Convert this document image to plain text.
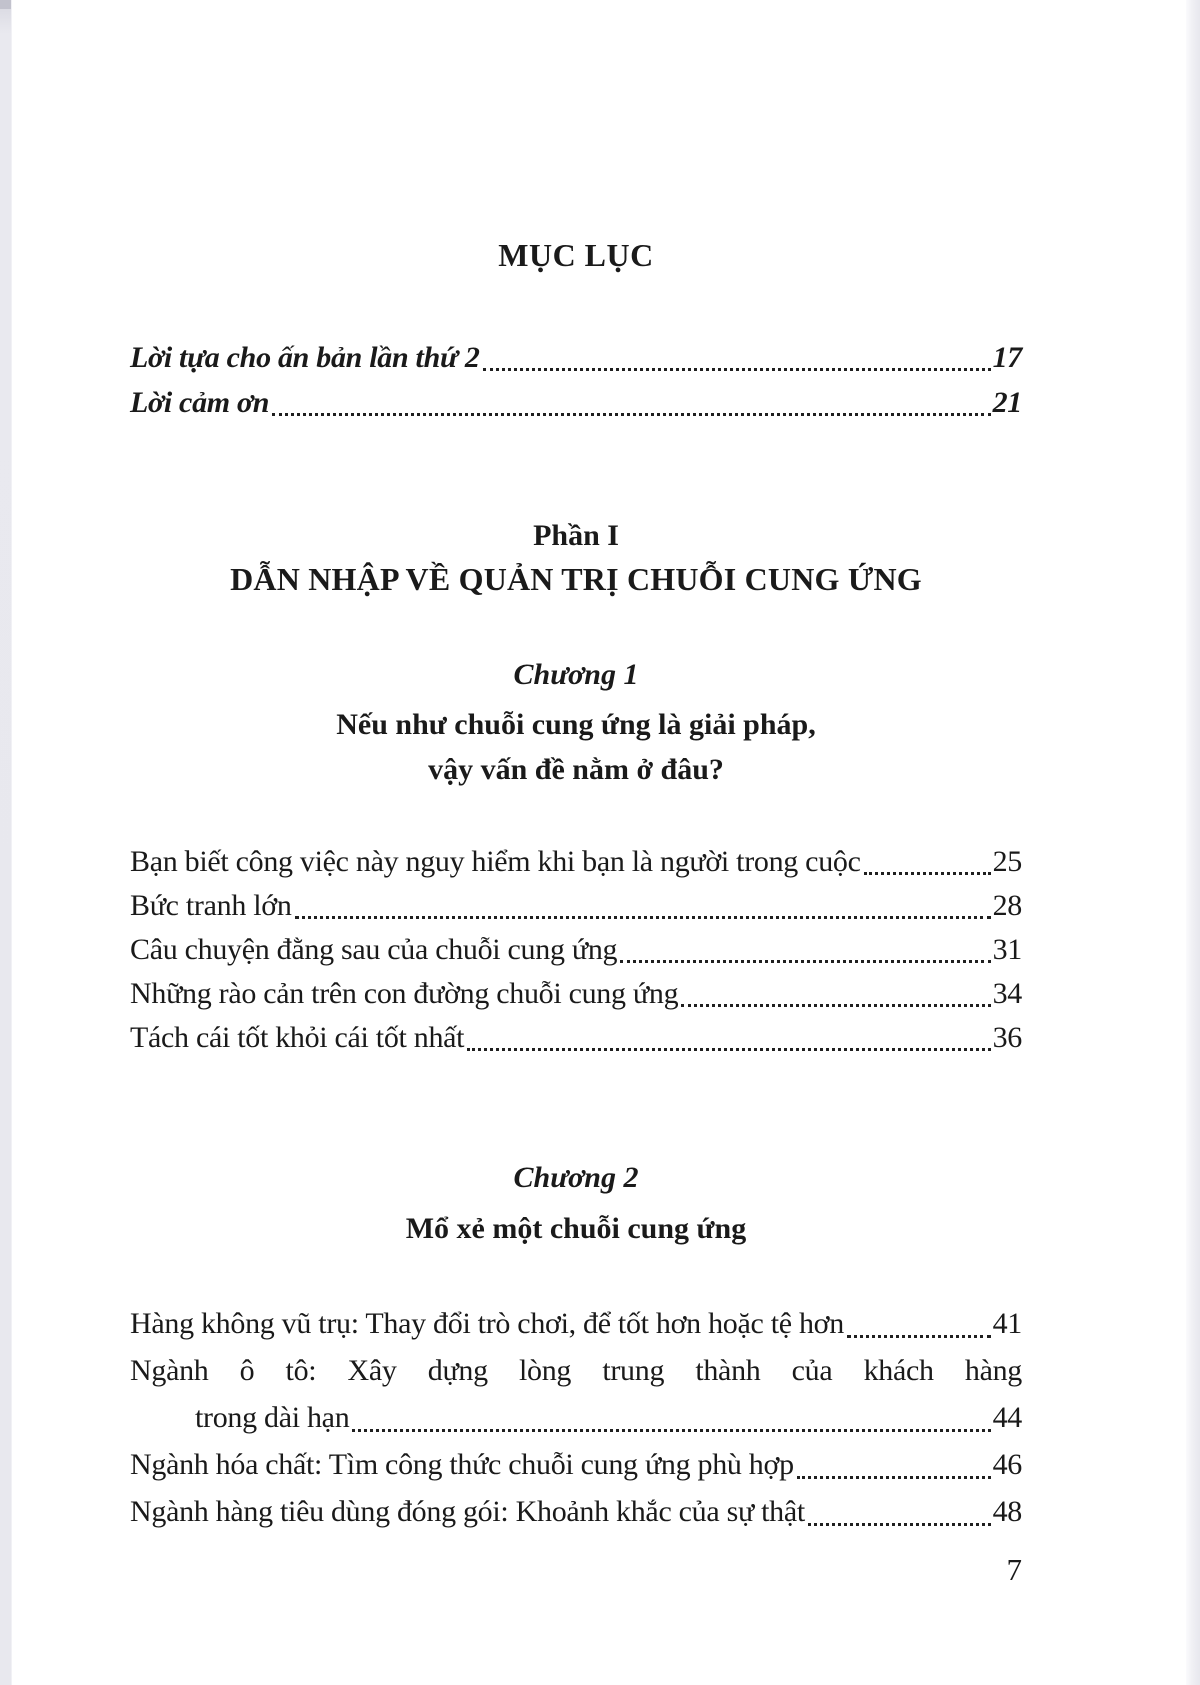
MỤC LỤC
Lời tựa cho ấn bản lần thứ 2	17
Lời cảm ơn	21
Phần I
DẪN NHẬP VỀ QUẢN TRỊ CHUỖI CUNG ỨNG
Chương 1
Nếu như chuỗi cung ứng là giải pháp,
vậy vấn đề nằm ở đâu?
Bạn biết công việc này nguy hiểm khi bạn là người trong cuộc	25
Bức tranh lớn	28
Câu chuyện đằng sau của chuỗi cung ứng	31
Những rào cản trên con đường chuỗi cung ứng	34
Tách cái tốt khỏi cái tốt nhất	36
Chương 2
Mổ xẻ một chuỗi cung ứng
Hàng không vũ trụ: Thay đổi trò chơi, để tốt hơn hoặc tệ hơn	41
Ngành ô tô: Xây dựng lòng trung thành của khách hàng
trong dài hạn	44
Ngành hóa chất: Tìm công thức chuỗi cung ứng phù hợp	46
Ngành hàng tiêu dùng đóng gói: Khoảnh khắc của sự thật	48
7
